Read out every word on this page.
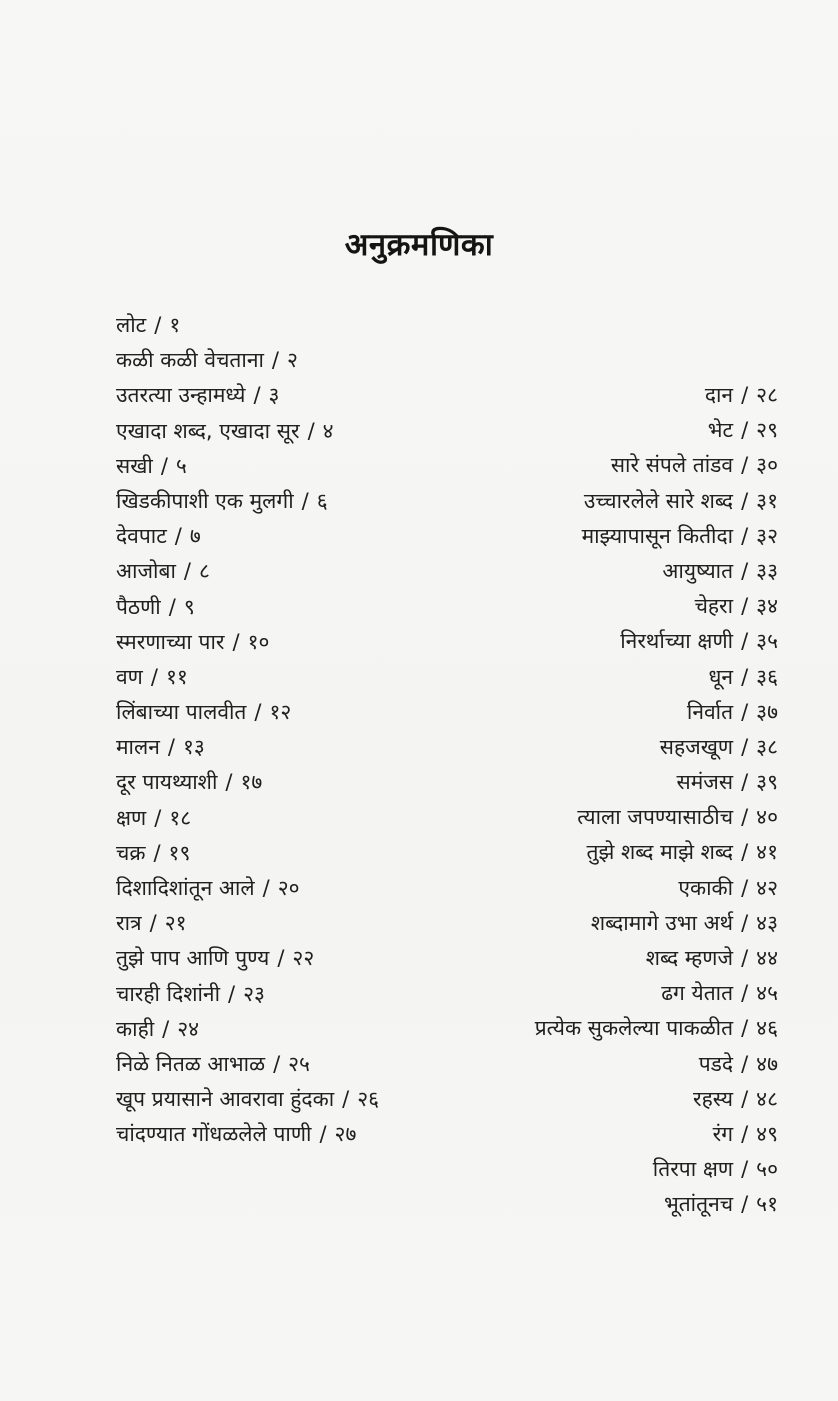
अनुक्रमणिका
लोट / १
कळी कळी वेचताना / २
उतरत्या उन्हामध्ये / ३
एखादा शब्द, एखादा सूर / ४
सखी / ५
खिडकीपाशी एक मुलगी / ६
देवपाट / ७
आजोबा / ८
पैठणी / ९
स्मरणाच्या पार / १०
वण / ११
लिंबाच्या पालवीत / १२
मालन / १३
दूर पायथ्याशी / १७
क्षण / १८
चक्र / १९
दिशादिशांतून आले / २०
रात्र / २१
तुझे पाप आणि पुण्य / २२
चारही दिशांनी / २३
काही / २४
निळे नितळ आभाळ / २५
खूप प्रयासाने आवरावा हुंदका / २६
चांदण्यात गोंधळलेले पाणी / २७
दान / २८
भेट / २९
सारे संपले तांडव / ३०
उच्चारलेले सारे शब्द / ३१
माझ्यापासून कितीदा / ३२
आयुष्यात / ३३
चेहरा / ३४
निरर्थाच्या क्षणी / ३५
धून / ३६
निर्वात / ३७
सहजखूण / ३८
समंजस / ३९
त्याला जपण्यासाठीच / ४०
तुझे शब्द माझे शब्द / ४१
एकाकी / ४२
शब्दामागे उभा अर्थ / ४३
शब्द म्हणजे / ४४
ढग येतात / ४५
प्रत्येक सुकलेल्या पाकळीत / ४६
पडदे / ४७
रहस्य / ४८
रंग / ४९
तिरपा क्षण / ५०
भूतांतूनच / ५१
